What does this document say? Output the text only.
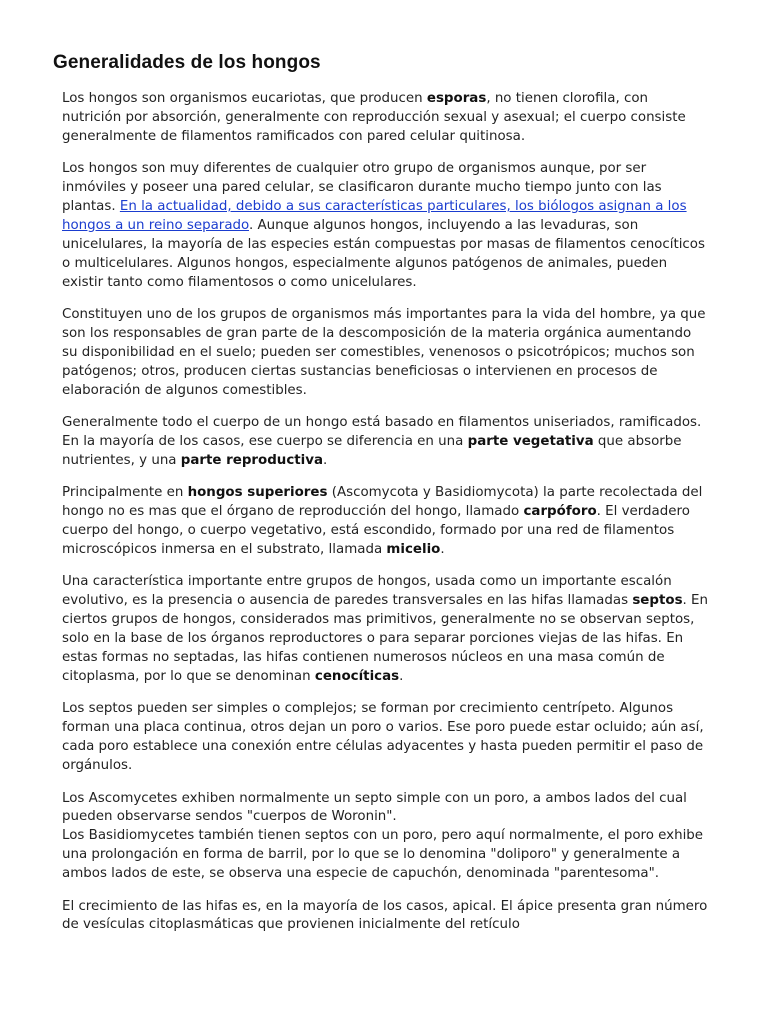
Generalidades de los hongos

Los hongos son organismos eucariotas, que producen esporas, no tienen clorofila, con nutrición por absorción, generalmente con reproducción sexual y asexual; el cuerpo consiste generalmente de filamentos ramificados con pared celular quitinosa.

Los hongos son muy diferentes de cualquier otro grupo de organismos aunque, por ser inmóviles y poseer una pared celular, se clasificaron durante mucho tiempo junto con las plantas. En la actualidad, debido a sus características particulares, los biólogos asignan a los hongos a un reino separado. Aunque algunos hongos, incluyendo a las levaduras, son unicelulares, la mayoría de las especies están compuestas por masas de filamentos cenocíticos o multicelulares. Algunos hongos, especialmente algunos patógenos de animales, pueden existir tanto como filamentosos o como unicelulares.

Constituyen uno de los grupos de organismos más importantes para la vida del hombre, ya que son los responsables de gran parte de la descomposición de la materia orgánica aumentando su disponibilidad en el suelo; pueden ser comestibles, venenosos o psicotrópicos; muchos son patógenos; otros, producen ciertas sustancias beneficiosas o intervienen en procesos de elaboración de algunos comestibles.

Generalmente todo el cuerpo de un hongo está basado en filamentos uniseriados, ramificados. En la mayoría de los casos, ese cuerpo se diferencia en una parte vegetativa que absorbe nutrientes, y una parte reproductiva.

Principalmente en hongos superiores (Ascomycota y Basidiomycota) la parte recolectada del hongo no es mas que el órgano de reproducción del hongo, llamado carpóforo. El verdadero cuerpo del hongo, o cuerpo vegetativo, está escondido, formado por una red de filamentos microscópicos inmersa en el substrato, llamada micelio.

Una característica importante entre grupos de hongos, usada como un importante escalón evolutivo, es la presencia o ausencia de paredes transversales en las hifas llamadas septos. En ciertos grupos de hongos, considerados mas primitivos, generalmente no se observan septos, solo en la base de los órganos reproductores o para separar porciones viejas de las hifas. En estas formas no septadas, las hifas contienen numerosos núcleos en una masa común de citoplasma, por lo que se denominan cenocíticas.

Los septos pueden ser simples o complejos; se forman por crecimiento centrípeto. Algunos forman una placa continua, otros dejan un poro o varios. Ese poro puede estar ocluido; aún así, cada poro establece una conexión entre células adyacentes y hasta pueden permitir el paso de orgánulos.

Los Ascomycetes exhiben normalmente un septo simple con un poro, a ambos lados del cual pueden observarse sendos "cuerpos de Woronin".
Los Basidiomycetes también tienen septos con un poro, pero aquí normalmente, el poro exhibe una prolongación en forma de barril, por lo que se lo denomina "doliporo" y generalmente a ambos lados de este, se observa una especie de capuchón, denominada "parentesoma".

El crecimiento de las hifas es, en la mayoría de los casos, apical. El ápice presenta gran número de vesículas citoplasmáticas que provienen inicialmente del retículo
